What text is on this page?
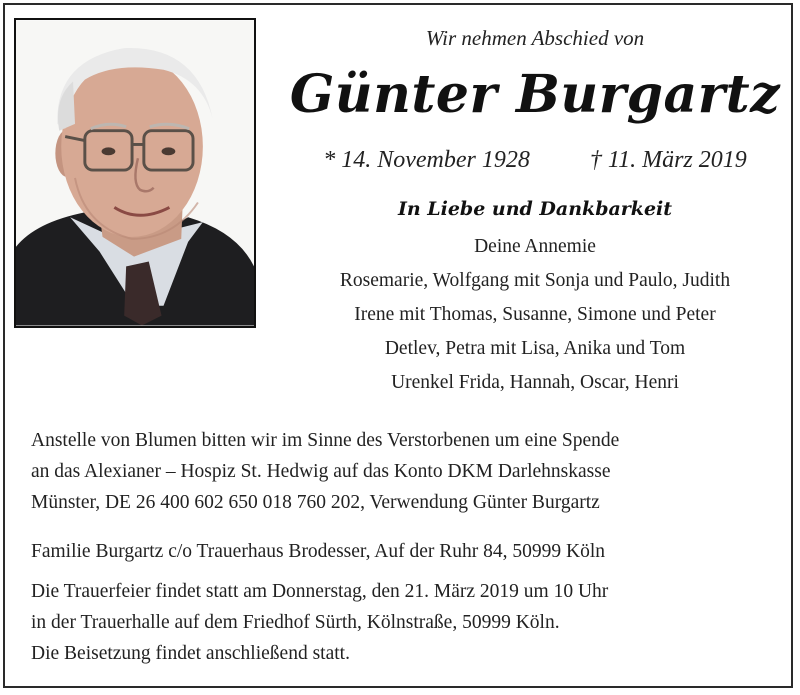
Wir nehmen Abschied von
Günter Burgartz
* 14. November 1928	† 11. März 2019
In Liebe und Dankbarkeit
Deine Annemie
Rosemarie, Wolfgang mit Sonja und Paulo, Judith
Irene mit Thomas, Susanne, Simone und Peter
Detlev, Petra mit Lisa, Anika und Tom
Urenkel Frida, Hannah, Oscar, Henri
Anstelle von Blumen bitten wir im Sinne des Verstorbenen um eine Spende
an das Alexianer – Hospiz St. Hedwig auf das Konto DKM Darlehnskasse
Münster, DE 26 400 602 650 018 760 202, Verwendung Günter Burgartz
Familie Burgartz c/o Trauerhaus Brodesser, Auf der Ruhr 84, 50999 Köln
Die Trauerfeier findet statt am Donnerstag, den 21. März 2019 um 10 Uhr
in der Trauerhalle auf dem Friedhof Sürth, Kölnstraße, 50999 Köln.
Die Beisetzung findet anschließend statt.
